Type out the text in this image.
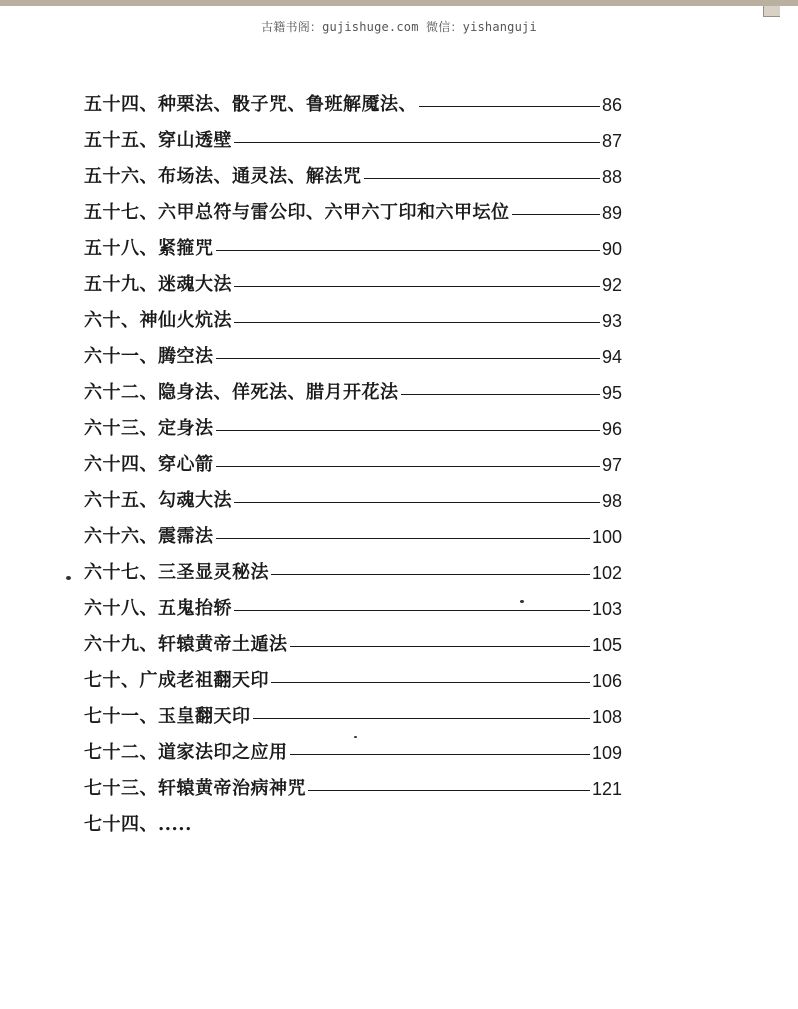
古籍书阁：gujishuge.com 微信：yishanguji
五十四、种栗法、骰子咒、鲁班解魇法、	86
五十五、穿山透壁	87
五十六、布场法、通灵法、解法咒	88
五十七、六甲总符与雷公印、六甲六丁印和六甲坛位	89
五十八、紧箍咒	90
五十九、迷魂大法	92
六十、神仙火炕法	93
六十一、腾空法	94
六十二、隐身法、佯死法、腊月开花法	95
六十三、定身法	96
六十四、穿心箭	97
六十五、勾魂大法	98
六十六、震霈法	100
六十七、三圣显灵秘法	102
六十八、五鬼抬轿	103
六十九、轩辕黄帝土遁法	105
七十、广成老祖翻天印	106
七十一、玉皇翻天印	108
七十二、道家法印之应用	109
七十三、轩辕黄帝治病神咒	121
七十四、.....
